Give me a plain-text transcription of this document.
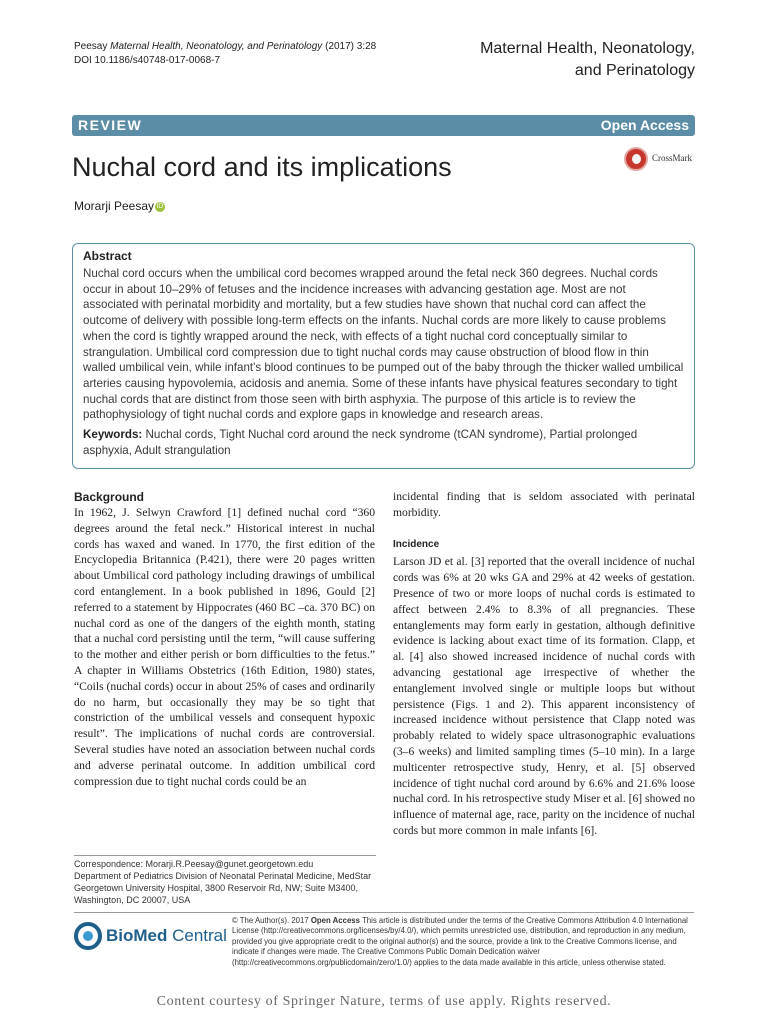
Peesay Maternal Health, Neonatology, and Perinatology (2017) 3:28
DOI 10.1186/s40748-017-0068-7
Maternal Health, Neonatology,
and Perinatology
REVIEW	Open Access
Nuchal cord and its implications	CrossMark
Morarji Peesay iD
Abstract
Nuchal cord occurs when the umbilical cord becomes wrapped around the fetal neck 360 degrees. Nuchal cords occur in about 10–29% of fetuses and the incidence increases with advancing gestation age. Most are not associated with perinatal morbidity and mortality, but a few studies have shown that nuchal cord can affect the outcome of delivery with possible long-term effects on the infants. Nuchal cords are more likely to cause problems when the cord is tightly wrapped around the neck, with effects of a tight nuchal cord conceptually similar to strangulation. Umbilical cord compression due to tight nuchal cords may cause obstruction of blood flow in thin walled umbilical vein, while infant's blood continues to be pumped out of the baby through the thicker walled umbilical arteries causing hypovolemia, acidosis and anemia. Some of these infants have physical features secondary to tight nuchal cords that are distinct from those seen with birth asphyxia. The purpose of this article is to review the pathophysiology of tight nuchal cords and explore gaps in knowledge and research areas.
Keywords: Nuchal cords, Tight Nuchal cord around the neck syndrome (tCAN syndrome), Partial prolonged asphyxia, Adult strangulation
Background
In 1962, J. Selwyn Crawford [1] defined nuchal cord “360 degrees around the fetal neck.” Historical interest in nuchal cords has waxed and waned. In 1770, the first edition of the Encyclopedia Britannica (P.421), there were 20 pages written about Umbilical cord pathology including drawings of umbilical cord entanglement. In a book published in 1896, Gould [2] referred to a statement by Hippocrates (460 BC –ca. 370 BC) on nuchal cord as one of the dangers of the eighth month, stating that a nuchal cord persisting until the term, “will cause suffering to the mother and either perish or born difficulties to the fetus.” A chapter in Williams Obstetrics (16th Edition, 1980) states, “Coils (nuchal cords) occur in about 25% of cases and ordinarily do no harm, but occasionally they may be so tight that constriction of the umbilical vessels and consequent hypoxic result”. The implications of nuchal cords are controversial. Several studies have noted an association between nuchal cords and adverse perinatal outcome. In addition umbilical cord compression due to tight nuchal cords could be an
incidental finding that is seldom associated with perinatal morbidity.
Incidence
Larson JD et al. [3] reported that the overall incidence of nuchal cords was 6% at 20 wks GA and 29% at 42 weeks of gestation. Presence of two or more loops of nuchal cords is estimated to affect between 2.4% to 8.3% of all pregnancies. These entanglements may form early in gestation, although definitive evidence is lacking about exact time of its formation. Clapp, et al. [4] also showed increased incidence of nuchal cords with advancing gestational age irrespective of whether the entanglement involved single or multiple loops but without persistence (Figs. 1 and 2). This apparent inconsistency of increased incidence without persistence that Clapp noted was probably related to widely space ultrasonographic evaluations (3–6 weeks) and limited sampling times (5–10 min). In a large multicenter retrospective study, Henry, et al. [5] observed incidence of tight nuchal cord around by 6.6% and 21.6% loose nuchal cord. In his retrospective study Miser et al. [6] showed no influence of maternal age, race, parity on the incidence of nuchal cords but more common in male infants [6].
Correspondence: Morarji.R.Peesay@gunet.georgetown.edu
Department of Pediatrics Division of Neonatal Perinatal Medicine, MedStar Georgetown University Hospital, 3800 Reservoir Rd, NW; Suite M3400, Washington, DC 20007, USA
BioMed Central
© The Author(s). 2017 Open Access This article is distributed under the terms of the Creative Commons Attribution 4.0 International License (http://creativecommons.org/licenses/by/4.0/), which permits unrestricted use, distribution, and reproduction in any medium, provided you give appropriate credit to the original author(s) and the source, provide a link to the Creative Commons license, and indicate if changes were made. The Creative Commons Public Domain Dedication waiver (http://creativecommons.org/publicdomain/zero/1.0/) applies to the data made available in this article, unless otherwise stated.
Content courtesy of Springer Nature, terms of use apply. Rights reserved.
